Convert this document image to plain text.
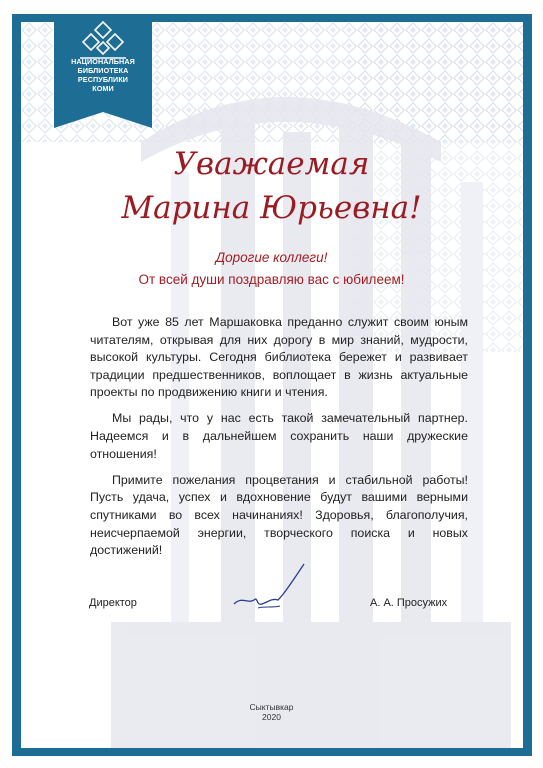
НАЦИОНАЛЬНАЯ
БИБЛИОТЕКА
РЕСПУБЛИКИ
КОМИ
Уважаемая
Марина Юрьевна!
Дорогие коллеги!
От всей души поздравляю вас с юбилеем!

Вот уже 85 лет Маршаковка преданно служит своим юным читателям, открывая для них дорогу в мир знаний, мудрости, высокой культуры. Сегодня библиотека бережет и развивает традиции предшественников, воплощает в жизнь актуальные проекты по продвижению книги и чтения.

Мы рады, что у нас есть такой замечательный партнер. Надеемся и в дальнейшем сохранить наши дружеские отношения!

Примите пожелания процветания и стабильной работы! Пусть удача, успех и вдохновение будут вашими верными спутниками во всех начинаниях! Здоровья, благополучия, неисчерпаемой энергии, творческого поиска и новых достижений!

Директор	А. А. Просужих
Сыктывкар
2020
